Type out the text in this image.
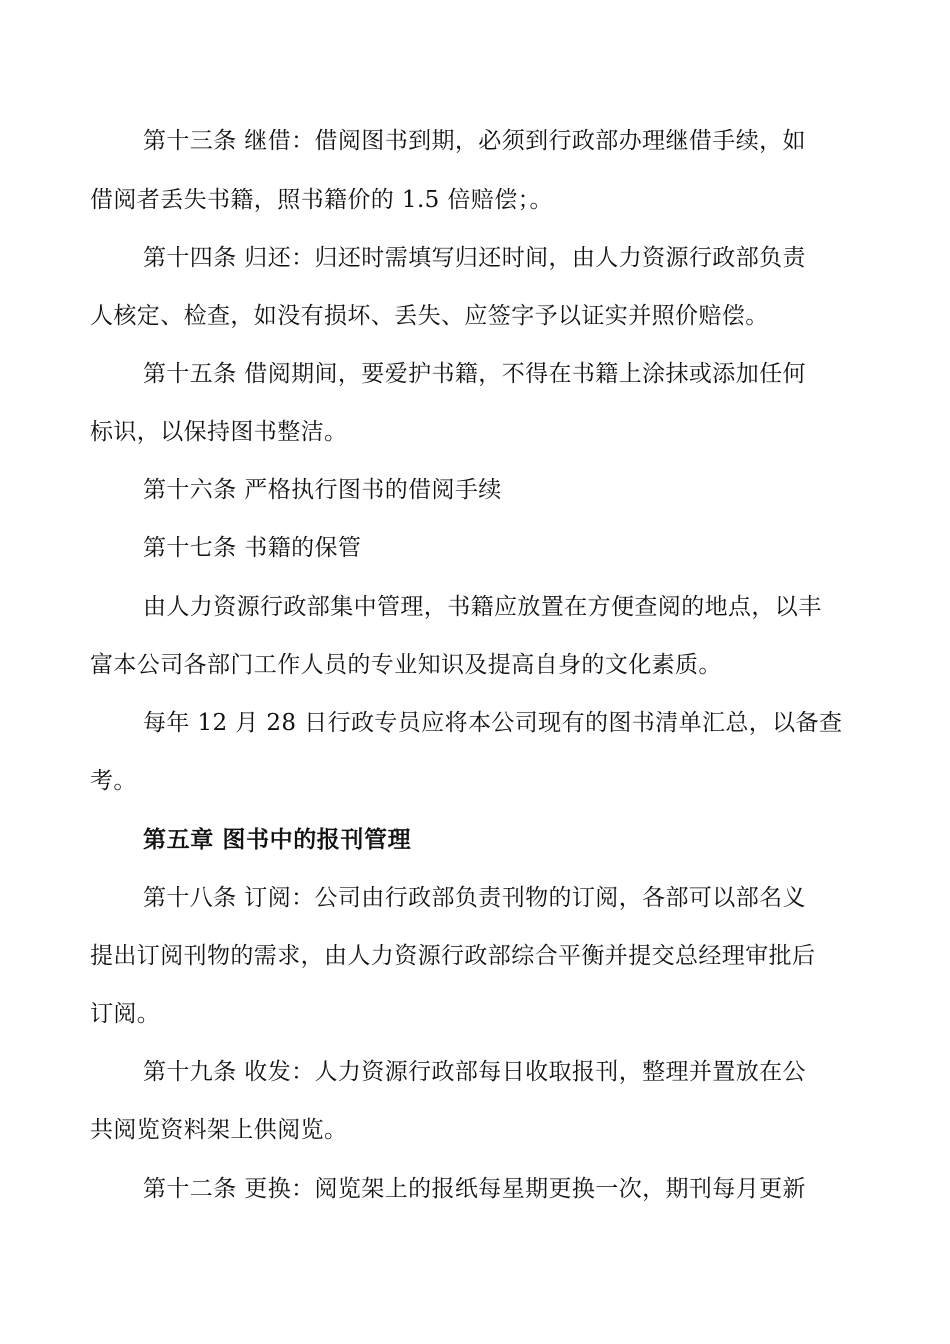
第十三条 继借：借阅图书到期，必须到行政部办理继借手续，如

借阅者丢失书籍，照书籍价的 1.5 倍赔偿；。

第十四条 归还：归还时需填写归还时间，由人力资源行政部负责

人核定、检查，如没有损坏、丢失、应签字予以证实并照价赔偿。

第十五条 借阅期间，要爱护书籍，不得在书籍上涂抹或添加任何

标识，以保持图书整洁。

第十六条 严格执行图书的借阅手续

第十七条 书籍的保管

由人力资源行政部集中管理，书籍应放置在方便查阅的地点，以丰

富本公司各部门工作人员的专业知识及提高自身的文化素质。

每年 12 月 28 日行政专员应将本公司现有的图书清单汇总，以备查

考。

第五章 图书中的报刊管理

第十八条 订阅：公司由行政部负责刊物的订阅，各部可以部名义

提出订阅刊物的需求，由人力资源行政部综合平衡并提交总经理审批后

订阅。

第十九条 收发：人力资源行政部每日收取报刊，整理并置放在公

共阅览资料架上供阅览。

第十二条 更换：阅览架上的报纸每星期更换一次，期刊每月更新
